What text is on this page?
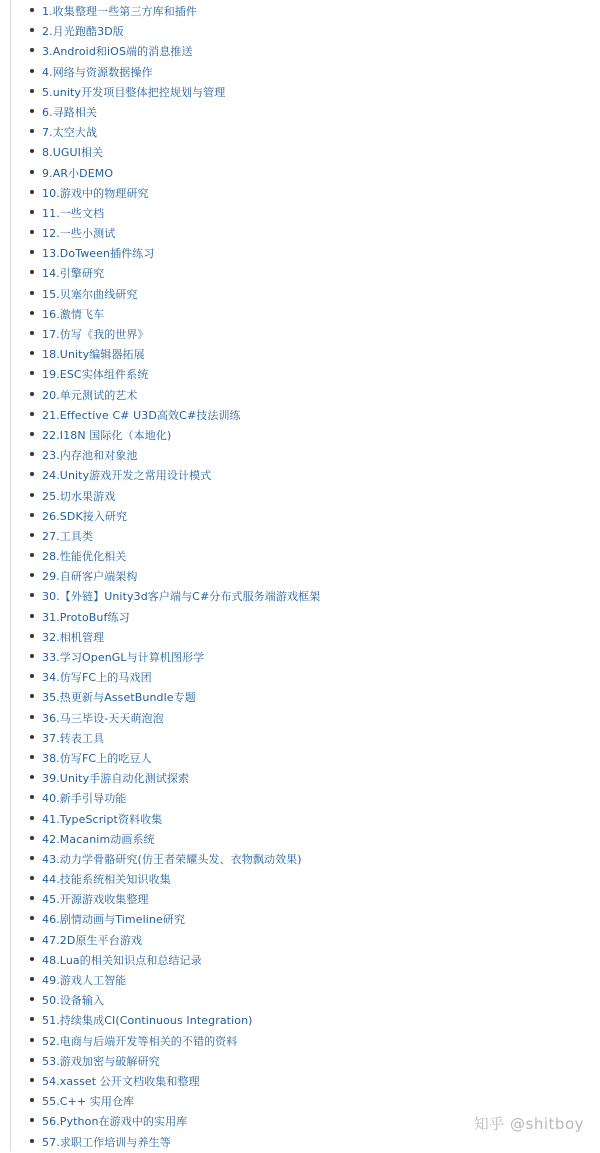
1.收集整理一些第三方库和插件
2.月光跑酷3D版
3.Android和iOS端的消息推送
4.网络与资源数据操作
5.unity开发项目整体把控规划与管理
6.寻路相关
7.太空大战
8.UGUI相关
9.AR小DEMO
10.游戏中的物理研究
11.一些文档
12.一些小测试
13.DoTween插件练习
14.引擎研究
15.贝塞尔曲线研究
16.激情飞车
17.仿写《我的世界》
18.Unity编辑器拓展
19.ESC实体组件系统
20.单元测试的艺术
21.Effective C# U3D高效C#技法训练
22.I18N 国际化（本地化)
23.内存池和对象池
24.Unity游戏开发之常用设计模式
25.切水果游戏
26.SDK接入研究
27.工具类
28.性能优化相关
29.自研客户端架构
30.【外链】Unity3d客户端与C#分布式服务端游戏框架
31.ProtoBuf练习
32.相机管理
33.学习OpenGL与计算机图形学
34.仿写FC上的马戏团
35.热更新与AssetBundle专题
36.马三毕设-天天萌泡泡
37.转表工具
38.仿写FC上的吃豆人
39.Unity手游自动化测试探索
40.新手引导功能
41.TypeScript资料收集
42.Macanim动画系统
43.动力学骨骼研究(仿王者荣耀头发、衣物飘动效果)
44.技能系统相关知识收集
45.开源游戏收集整理
46.剧情动画与Timeline研究
47.2D原生平台游戏
48.Lua的相关知识点和总结记录
49.游戏人工智能
50.设备输入
51.持续集成CI(Continuous Integration)
52.电商与后端开发等相关的不错的资料
53.游戏加密与破解研究
54.xasset 公开文档收集和整理
55.C++ 实用仓库
56.Python在游戏中的实用库
57.求职工作培训与养生等
知乎 @shitboy
